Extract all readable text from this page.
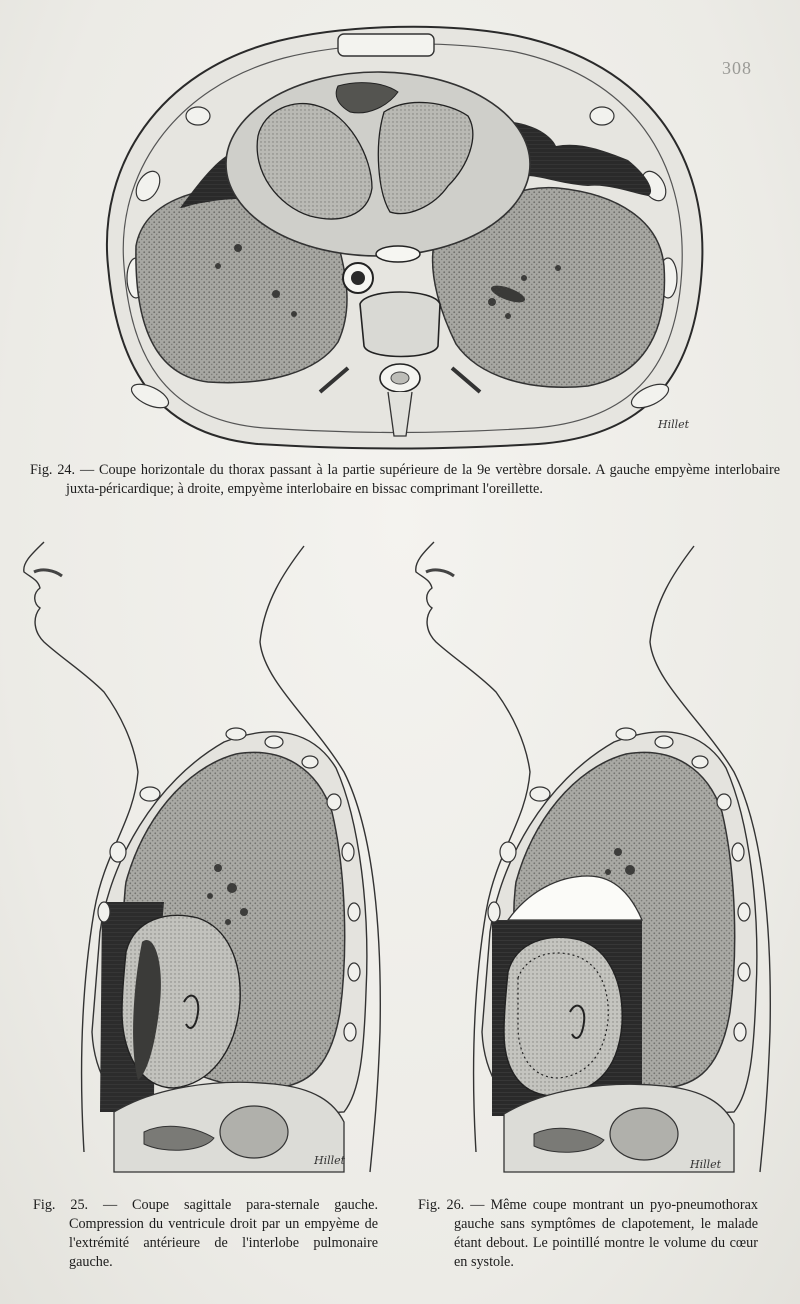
308
Hillet
Fig. 24. — Coupe horizontale du thorax passant à la partie supérieure de la 9e vertèbre dorsale. A gauche empyème interlobaire juxta-péricardique; à droite, empyème interlobaire en bissac comprimant l'oreillette.
Hillet	Hillet
Fig. 25. — Coupe sagittale para-sternale gauche. Compression du ventricule droit par un empyème de l'extrémité antérieure de l'interlobe pulmonaire gauche.
Fig. 26. — Même coupe montrant un pyo-pneumothorax gauche sans symptômes de clapotement, le malade étant debout. Le pointillé montre le volume du cœur en systole.
